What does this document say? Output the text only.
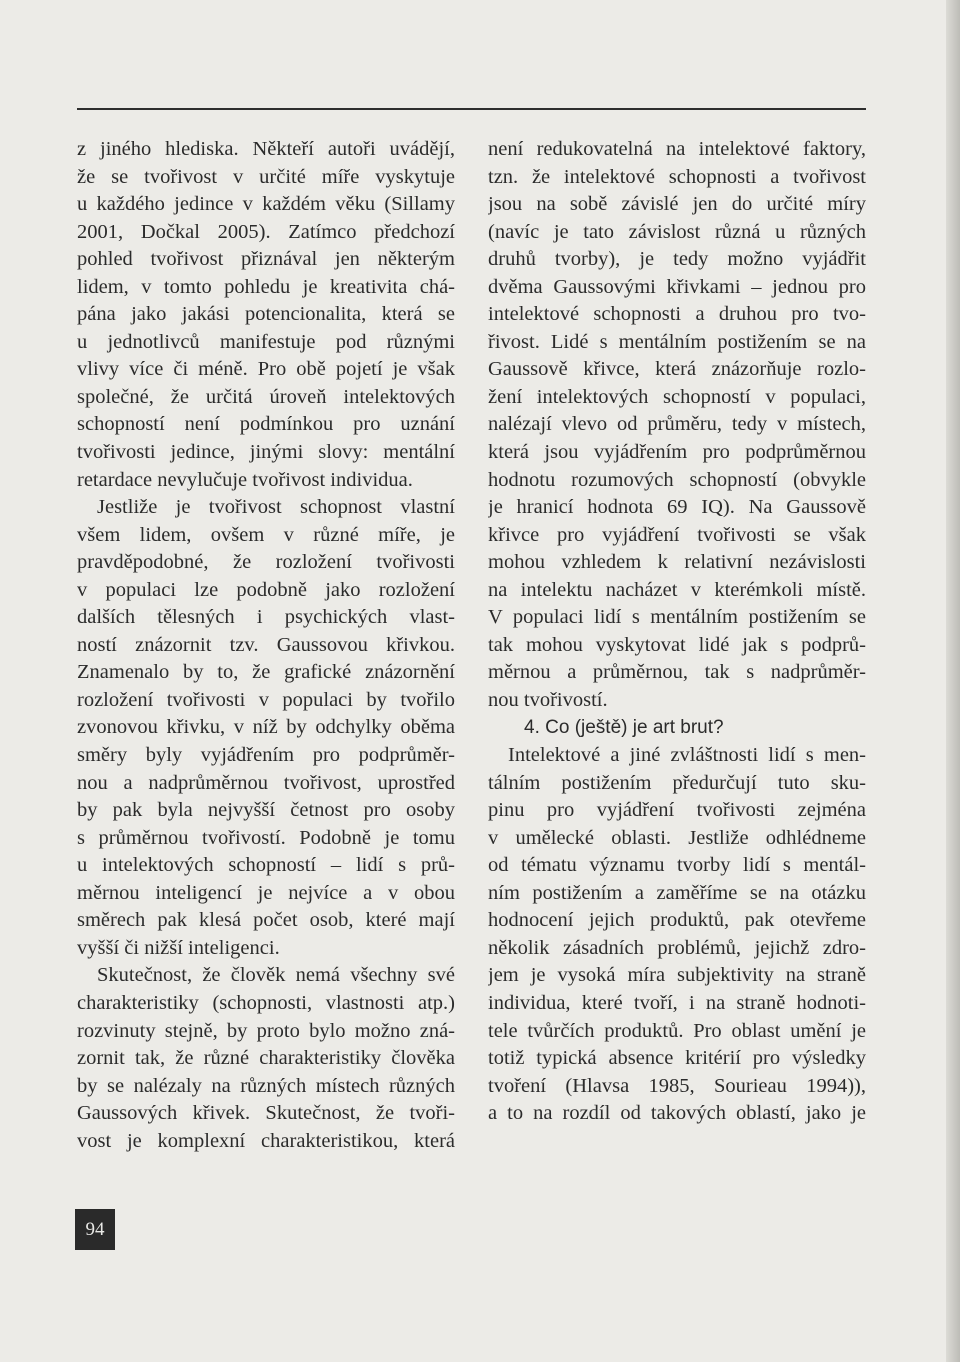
z jiného hlediska. Někteří autoři uvádějí,
že se tvořivost v určité míře vyskytuje
u každého jedince v každém věku (Sillamy
2001, Dočkal 2005). Zatímco předchozí
pohled tvořivost přiznával jen některým
lidem, v tomto pohledu je kreativita chá-
pána jako jakási potencionalita, která se
u jednotlivců manifestuje pod různými
vlivy více či méně. Pro obě pojetí je však
společné, že určitá úroveň intelektových
schopností není podmínkou pro uznání
tvořivosti jedince, jinými slovy: mentální
retardace nevylučuje tvořivost individua.
Jestliže je tvořivost schopnost vlastní
všem lidem, ovšem v různé míře, je
pravděpodobné, že rozložení tvořivosti
v populaci lze podobně jako rozložení
dalších tělesných i psychických vlast-
ností znázornit tzv. Gaussovou křivkou.
Znamenalo by to, že grafické znázornění
rozložení tvořivosti v populaci by tvořilo
zvonovou křivku, v níž by odchylky oběma
směry byly vyjádřením pro podprůměr-
nou a nadprůměrnou tvořivost, uprostřed
by pak byla nejvyšší četnost pro osoby
s průměrnou tvořivostí. Podobně je tomu
u intelektových schopností – lidí s prů-
měrnou inteligencí je nejvíce a v obou
směrech pak klesá počet osob, které mají
vyšší či nižší inteligenci.
Skutečnost, že člověk nemá všechny své
charakteristiky (schopnosti, vlastnosti atp.)
rozvinuty stejně, by proto bylo možno zná-
zornit tak, že různé charakteristiky člověka
by se nalézaly na různých místech různých
Gaussových křivek. Skutečnost, že tvoři-
vost je komplexní charakteristikou, která
není redukovatelná na intelektové faktory,
tzn. že intelektové schopnosti a tvořivost
jsou na sobě závislé jen do určité míry
(navíc je tato závislost různá u různých
druhů tvorby), je tedy možno vyjádřit
dvěma Gaussovými křivkami – jednou pro
intelektové schopnosti a druhou pro tvo-
řivost. Lidé s mentálním postižením se na
Gaussově křivce, která znázorňuje rozlo-
žení intelektových schopností v populaci,
nalézají vlevo od průměru, tedy v místech,
která jsou vyjádřením pro podprůměrnou
hodnotu rozumových schopností (obvykle
je hranicí hodnota 69 IQ). Na Gaussově
křivce pro vyjádření tvořivosti se však
mohou vzhledem k relativní nezávislosti
na intelektu nacházet v kterémkoli místě.
V populaci lidí s mentálním postižením se
tak mohou vyskytovat lidé jak s podprů-
měrnou a průměrnou, tak s nadprůměr-
nou tvořivostí.
4. Co (ještě) je art brut?
Intelektové a jiné zvláštnosti lidí s men-
tálním postižením předurčují tuto sku-
pinu pro vyjádření tvořivosti zejména
v umělecké oblasti. Jestliže odhlédneme
od tématu významu tvorby lidí s mentál-
ním postižením a zaměříme se na otázku
hodnocení jejich produktů, pak otevřeme
několik zásadních problémů, jejichž zdro-
jem je vysoká míra subjektivity na straně
individua, které tvoří, i na straně hodnoti-
tele tvůrčích produktů. Pro oblast umění je
totiž typická absence kritérií pro výsledky
tvoření (Hlavsa 1985, Sourieau 1994)),
a to na rozdíl od takových oblastí, jako je
94
